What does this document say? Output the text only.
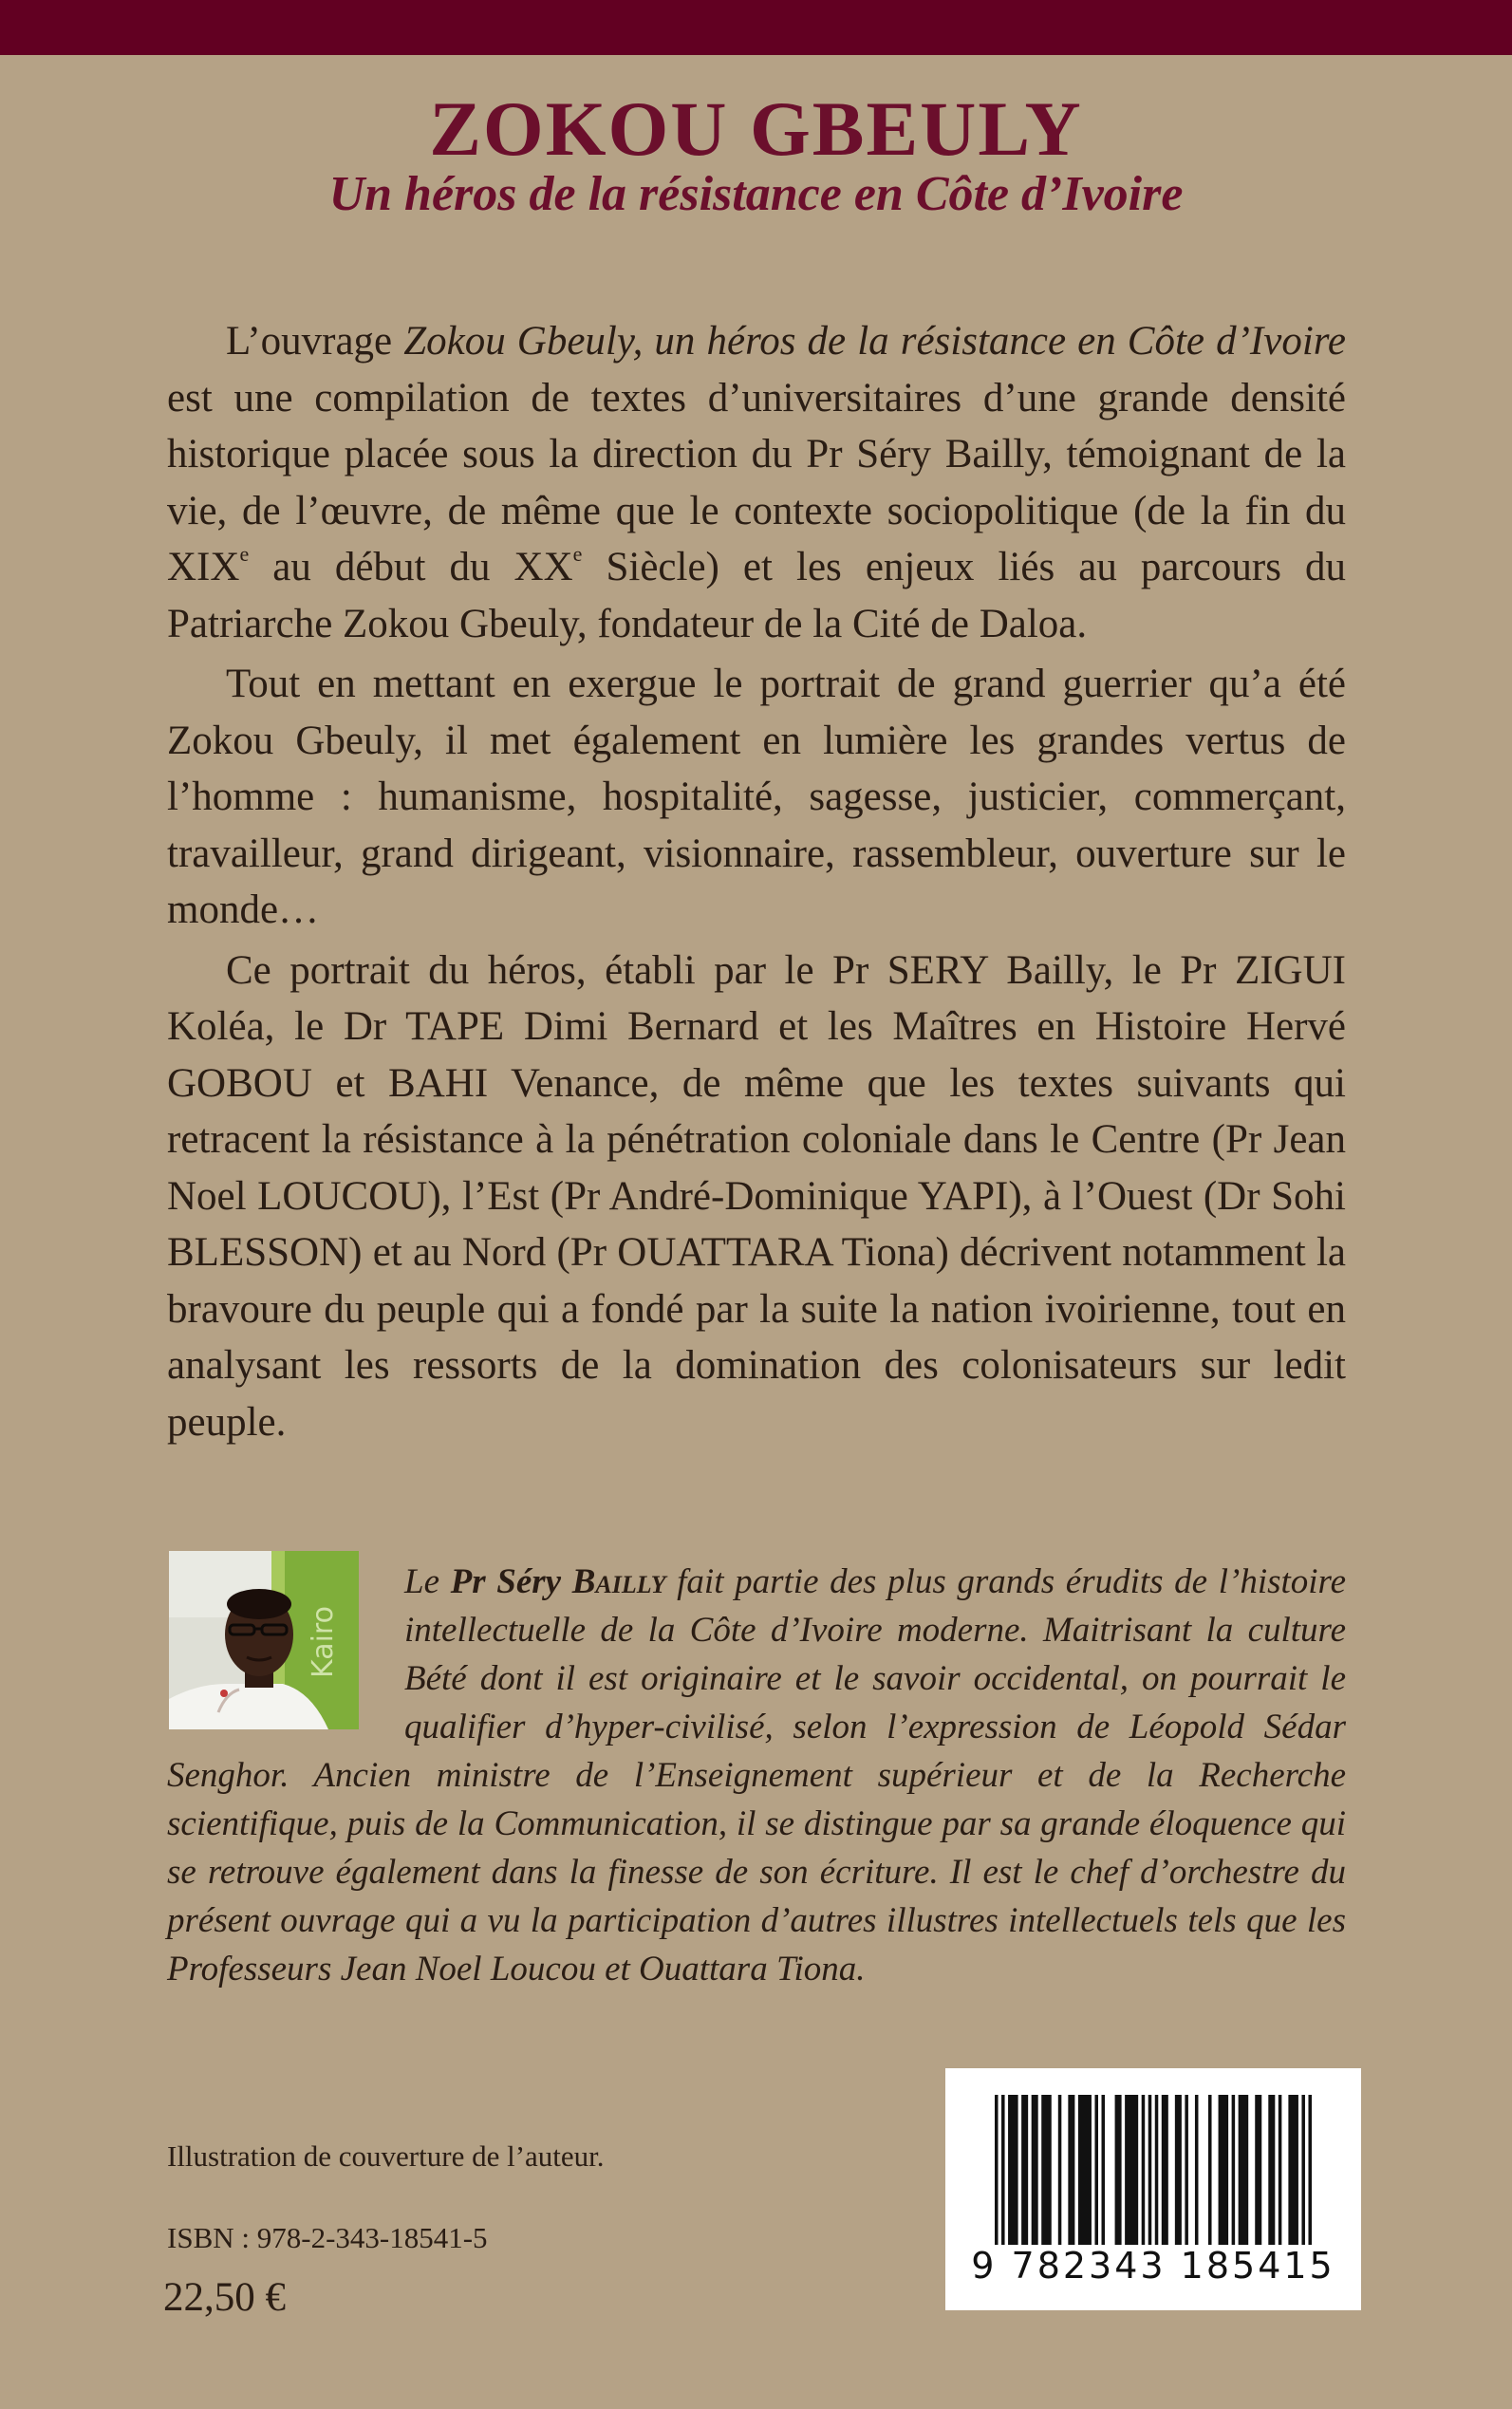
ZOKOU GBEULY
Un héros de la résistance en Côte d’Ivoire

L’ouvrage Zokou Gbeuly, un héros de la résistance en Côte d’Ivoire est une compilation de textes d’universitaires d’une grande densité historique placée sous la direction du Pr Séry Bailly, témoignant de la vie, de l’œuvre, de même que le contexte sociopolitique (de la fin du XIXe au début du XXe Siècle) et les enjeux liés au parcours du Patriarche Zokou Gbeuly, fondateur de la Cité de Daloa.

Tout en mettant en exergue le portrait de grand guerrier qu’a été Zokou Gbeuly, il met également en lumière les grandes vertus de l’homme : humanisme, hospitalité, sagesse, justicier, commerçant, travailleur, grand dirigeant, visionnaire, rassembleur, ouverture sur le monde…

Ce portrait du héros, établi par le Pr SERY Bailly, le Pr ZIGUI Koléa, le Dr TAPE Dimi Bernard et les Maîtres en Histoire Hervé GOBOU et BAHI Venance, de même que les textes suivants qui retracent la résistance à la pénétration coloniale dans le Centre (Pr Jean Noel LOUCOU), l’Est (Pr André-Dominique YAPI), à l’Ouest (Dr Sohi BLESSON) et au Nord (Pr OUATTARA Tiona) décrivent notamment la bravoure du peuple qui a fondé par la suite la nation ivoirienne, tout en analysant les ressorts de la domination des colonisateurs sur ledit peuple.

Kairo

Le Pr Séry Bailly fait partie des plus grands érudits de l’histoire intellectuelle de la Côte d’Ivoire moderne. Maitrisant la culture Bété dont il est originaire et le savoir occidental, on pourrait le qualifier d’hyper-civilisé, selon l’expression de Léopold Sédar Senghor. Ancien ministre de l’Enseignement supérieur et de la Recherche scientifique, puis de la Communication, il se distingue par sa grande éloquence qui se retrouve également dans la finesse de son écriture. Il est le chef d’orchestre du présent ouvrage qui a vu la participation d’autres illustres intellectuels tels que les Professeurs Jean Noel Loucou et Ouattara Tiona.

Illustration de couverture de l’auteur.
ISBN : 978-2-343-18541-5
22,50 €
9 782343 185415
